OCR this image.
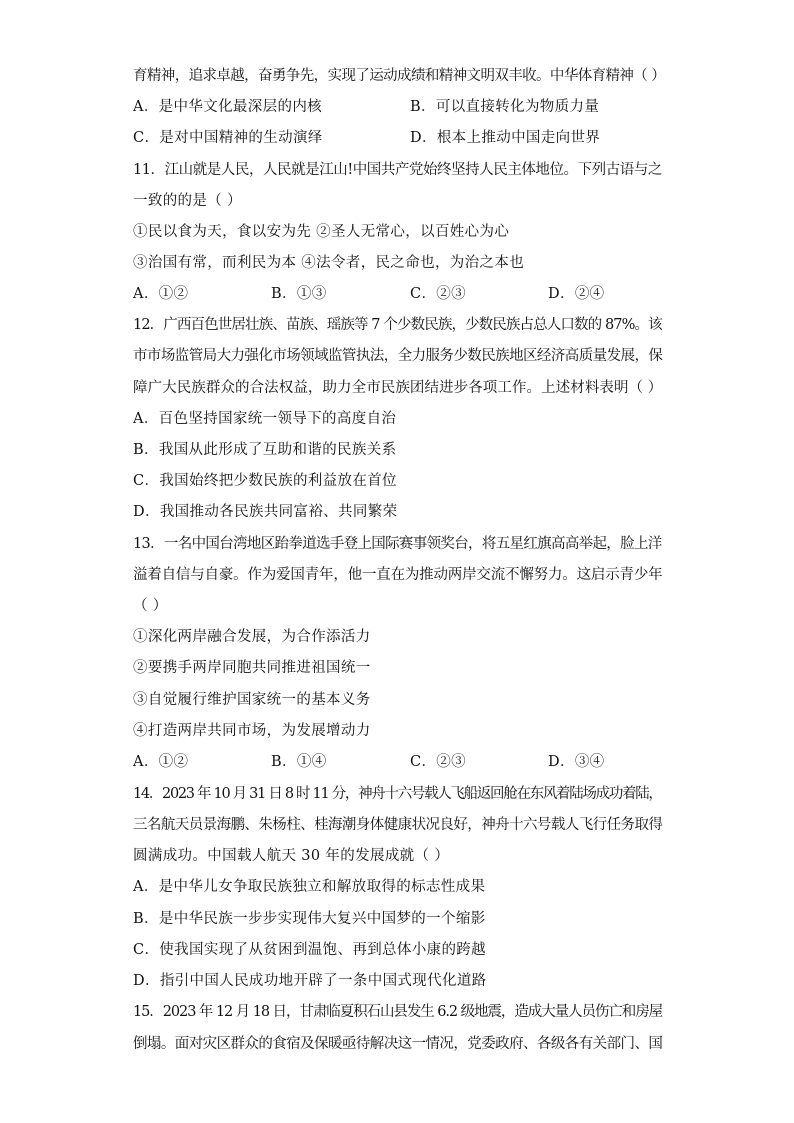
育精神，追求卓越，奋勇争先，实现了运动成绩和精神文明双丰收。中华体育精神（ ）
A．是中华文化最深层的内核	B．可以直接转化为物质力量
C．是对中国精神的生动演绎	D．根本上推动中国走向世界
11．江山就是人民，人民就是江山!中国共产党始终坚持人民主体地位。下列古语与之
一致的的是（ ）
①民以食为天，食以安为先 ②圣人无常心，以百姓心为心
③治国有常，而利民为本 ④法令者，民之命也，为治之本也
A．①②	B．①③	C．②③	D．②④
12．广西百色世居壮族、苗族、瑶族等 7 个少数民族，少数民族占总人口数的 87%。该
市市场监管局大力强化市场领域监管执法，全力服务少数民族地区经济高质量发展，保
障广大民族群众的合法权益，助力全市民族团结进步各项工作。上述材料表明（ ）
A．百色坚持国家统一领导下的高度自治
B．我国从此形成了互助和谐的民族关系
C．我国始终把少数民族的利益放在首位
D．我国推动各民族共同富裕、共同繁荣
13．一名中国台湾地区跆拳道选手登上国际赛事领奖台，将五星红旗高高举起，脸上洋
溢着自信与自豪。作为爱国青年，他一直在为推动两岸交流不懈努力。这启示青少年
（ ）
①深化两岸融合发展，为合作添活力
②要携手两岸同胞共同推进祖国统一
③自觉履行维护国家统一的基本义务
④打造两岸共同市场，为发展增动力
A．①②	B．①④	C．②③	D．③④
14．2023 年 10 月 31 日 8 时 11 分，神舟十六号载人飞船返回舱在东风着陆场成功着陆，
三名航天员景海鹏、朱杨柱、桂海潮身体健康状况良好，神舟十六号载人飞行任务取得
圆满成功。中国载人航天 30 年的发展成就（ ）
A．是中华儿女争取民族独立和解放取得的标志性成果
B．是中华民族一步步实现伟大复兴中国梦的一个缩影
C．使我国实现了从贫困到温饱、再到总体小康的跨越
D．指引中国人民成功地开辟了一条中国式现代化道路
15．2023 年 12 月 18 日，甘肃临夏积石山县发生 6.2 级地震，造成大量人员伤亡和房屋
倒塌。面对灾区群众的食宿及保暖亟待解决这一情况，党委政府、各级各有关部门、国
